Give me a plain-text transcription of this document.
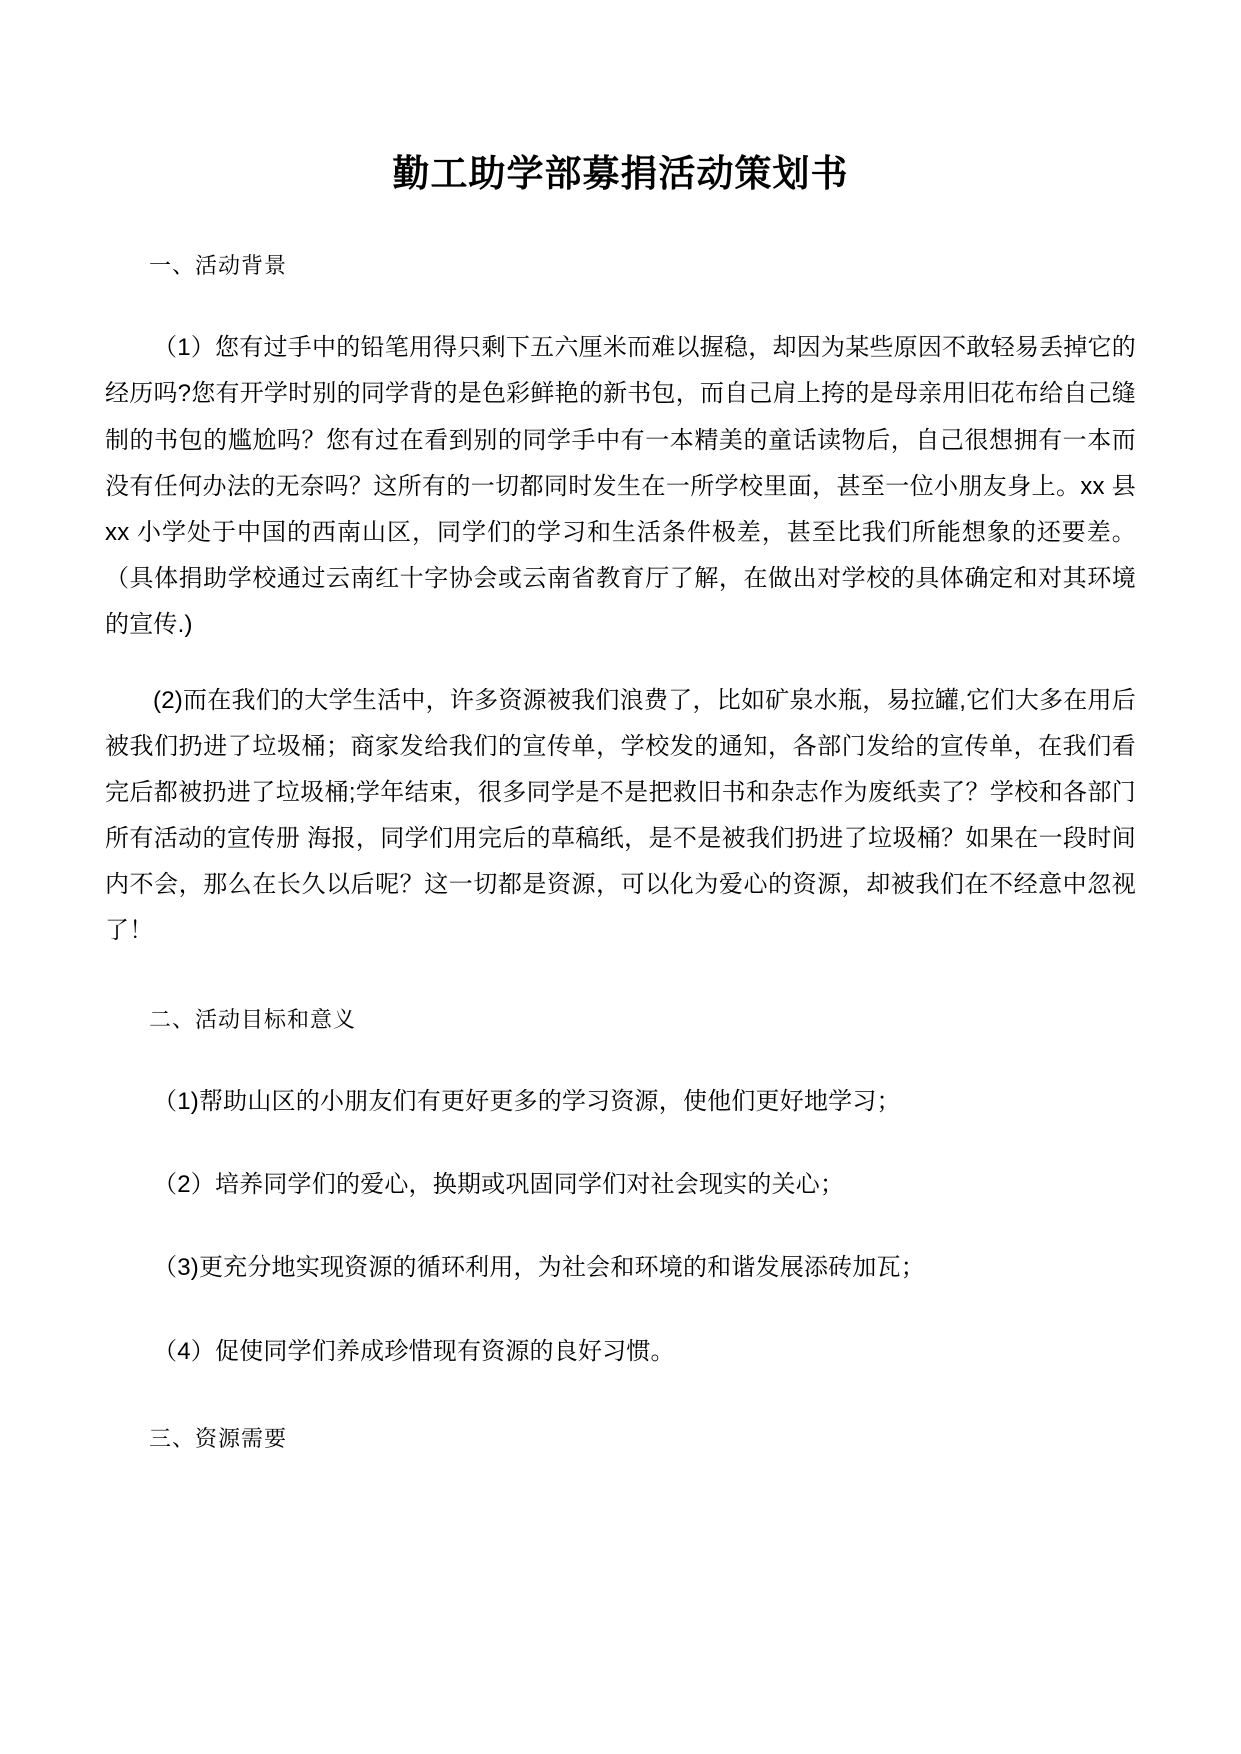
勤工助学部募捐活动策划书
一、活动背景

（1）您有过手中的铅笔用得只剩下五六厘米而难以握稳，却因为某些原因不敢轻易丢掉它的经历吗?您有开学时别的同学背的是色彩鲜艳的新书包，而自己肩上挎的是母亲用旧花布给自己缝制的书包的尴尬吗？您有过在看到别的同学手中有一本精美的童话读物后，自己很想拥有一本而没有任何办法的无奈吗？这所有的一切都同时发生在一所学校里面，甚至一位小朋友身上。xx 县 xx 小学处于中国的西南山区，同学们的学习和生活条件极差，甚至比我们所能想象的还要差。（具体捐助学校通过云南红十字协会或云南省教育厅了解，在做出对学校的具体确定和对其环境的宣传.)

(2)而在我们的大学生活中，许多资源被我们浪费了，比如矿泉水瓶，易拉罐,它们大多在用后被我们扔进了垃圾桶；商家发给我们的宣传单，学校发的通知，各部门发给的宣传单，在我们看完后都被扔进了垃圾桶;学年结束，很多同学是不是把救旧书和杂志作为废纸卖了？学校和各部门所有活动的宣传册 海报，同学们用完后的草稿纸，是不是被我们扔进了垃圾桶？如果在一段时间内不会，那么在长久以后呢？这一切都是资源，可以化为爱心的资源，却被我们在不经意中忽视了！

二、活动目标和意义

（1)帮助山区的小朋友们有更好更多的学习资源，使他们更好地学习；

（2）培养同学们的爱心，换期或巩固同学们对社会现实的关心；

（3)更充分地实现资源的循环利用，为社会和环境的和谐发展添砖加瓦；

（4）促使同学们养成珍惜现有资源的良好习惯。

三、资源需要
